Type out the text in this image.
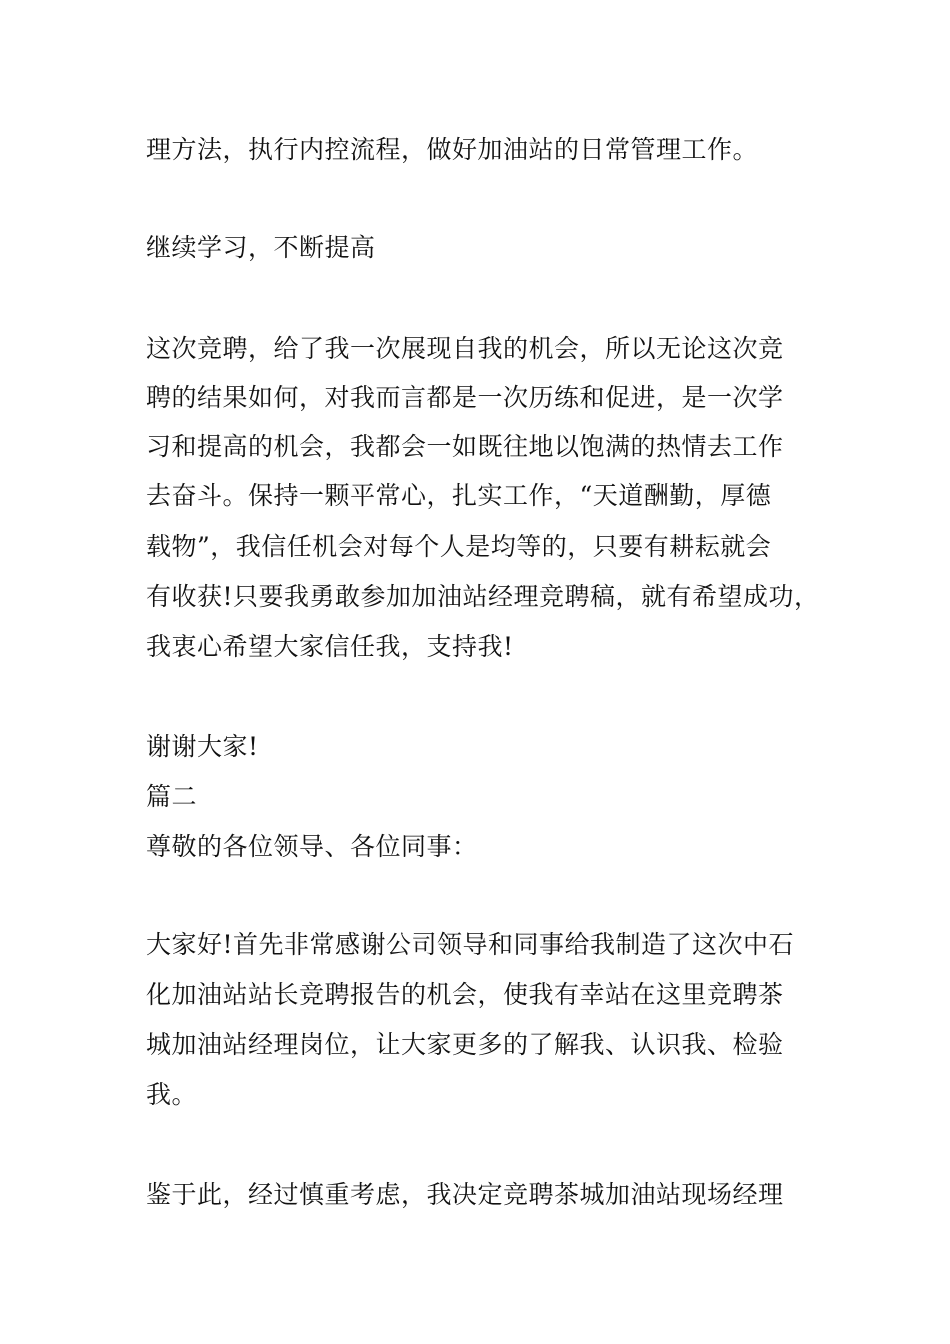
理方法，执行内控流程，做好加油站的日常管理工作。
继续学习，不断提高
这次竞聘，给了我一次展现自我的机会，所以无论这次竞
聘的结果如何，对我而言都是一次历练和促进，是一次学
习和提高的机会，我都会一如既往地以饱满的热情去工作
去奋斗。保持一颗平常心，扎实工作，“天道酬勤，厚德
载物”，我信任机会对每个人是均等的，只要有耕耘就会
有收获!只要我勇敢参加加油站经理竞聘稿，就有希望成功，
我衷心希望大家信任我，支持我!
谢谢大家!
篇二
尊敬的各位领导、各位同事：
大家好!首先非常感谢公司领导和同事给我制造了这次中石
化加油站站长竞聘报告的机会，使我有幸站在这里竞聘茶
城加油站经理岗位，让大家更多的了解我、认识我、检验
我。
鉴于此，经过慎重考虑，我决定竞聘茶城加油站现场经理
